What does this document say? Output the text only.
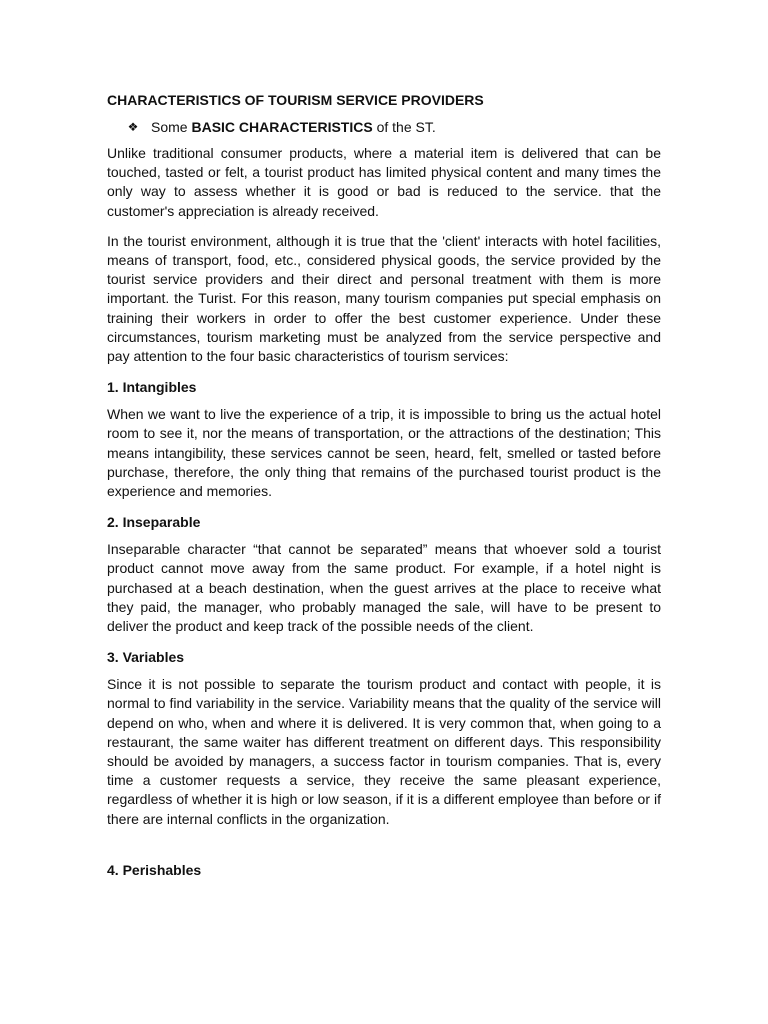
CHARACTERISTICS OF TOURISM SERVICE PROVIDERS
❖ Some BASIC CHARACTERISTICS of the ST.

Unlike traditional consumer products, where a material item is delivered that can be touched, tasted or felt, a tourist product has limited physical content and many times the only way to assess whether it is good or bad is reduced to the service. that the customer's appreciation is already received.

In the tourist environment, although it is true that the 'client' interacts with hotel facilities, means of transport, food, etc., considered physical goods, the service provided by the tourist service providers and their direct and personal treatment with them is more important. the Turist. For this reason, many tourism companies put special emphasis on training their workers in order to offer the best customer experience. Under these circumstances, tourism marketing must be analyzed from the service perspective and pay attention to the four basic characteristics of tourism services:

1. Intangibles

When we want to live the experience of a trip, it is impossible to bring us the actual hotel room to see it, nor the means of transportation, or the attractions of the destination; This means intangibility, these services cannot be seen, heard, felt, smelled or tasted before purchase, therefore, the only thing that remains of the purchased tourist product is the experience and memories.

2. Inseparable

Inseparable character “that cannot be separated” means that whoever sold a tourist product cannot move away from the same product. For example, if a hotel night is purchased at a beach destination, when the guest arrives at the place to receive what they paid, the manager, who probably managed the sale, will have to be present to deliver the product and keep track of the possible needs of the client.

3. Variables

Since it is not possible to separate the tourism product and contact with people, it is normal to find variability in the service. Variability means that the quality of the service will depend on who, when and where it is delivered. It is very common that, when going to a restaurant, the same waiter has different treatment on different days. This responsibility should be avoided by managers, a success factor in tourism companies. That is, every time a customer requests a service, they receive the same pleasant experience, regardless of whether it is high or low season, if it is a different employee than before or if there are internal conflicts in the organization.

4. Perishables
